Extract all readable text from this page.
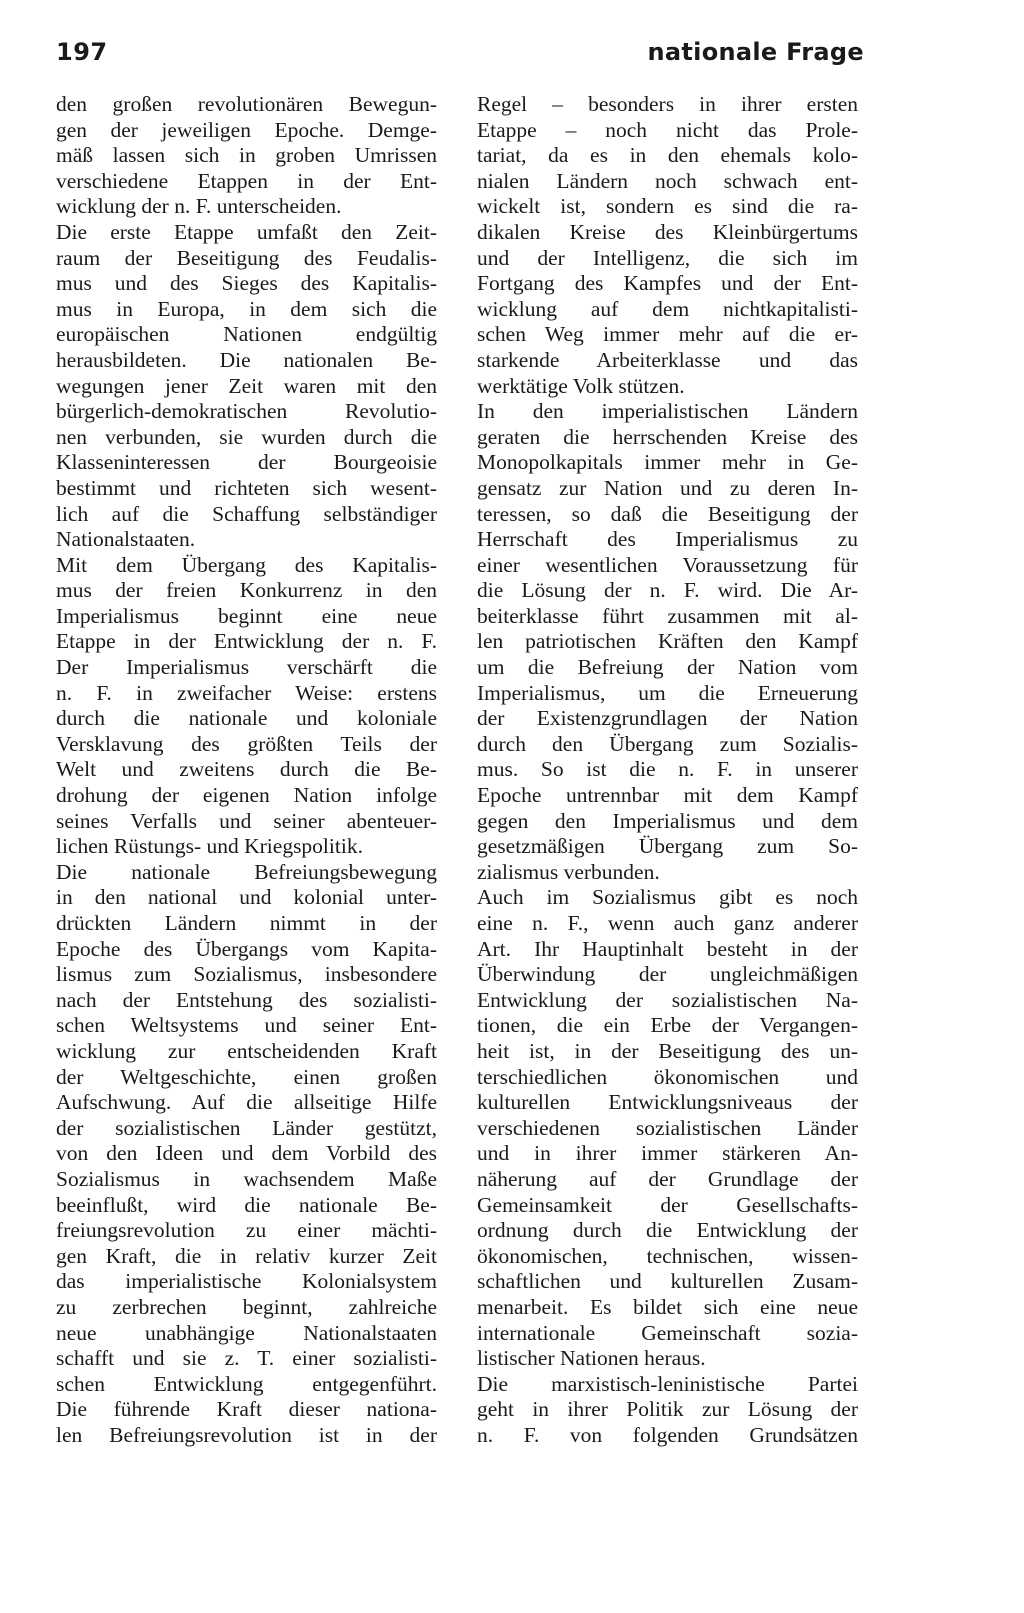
197	nationale Frage
den großen revolutionären Bewegun-
gen der jeweiligen Epoche. Demge-
mäß lassen sich in groben Umrissen
verschiedene Etappen in der Ent-
wicklung der n. F. unterscheiden.
Die erste Etappe umfaßt den Zeit-
raum der Beseitigung des Feudalis-
mus und des Sieges des Kapitalis-
mus in Europa, in dem sich die
europäischen Nationen endgültig
herausbildeten. Die nationalen Be-
wegungen jener Zeit waren mit den
bürgerlich-demokratischen Revolutio-
nen verbunden, sie wurden durch die
Klasseninteressen der Bourgeoisie
bestimmt und richteten sich wesent-
lich auf die Schaffung selbständiger
Nationalstaaten.
Mit dem Übergang des Kapitalis-
mus der freien Konkurrenz in den
Imperialismus beginnt eine neue
Etappe in der Entwicklung der n. F.
Der Imperialismus verschärft die
n. F. in zweifacher Weise: erstens
durch die nationale und koloniale
Versklavung des größten Teils der
Welt und zweitens durch die Be-
drohung der eigenen Nation infolge
seines Verfalls und seiner abenteuer-
lichen Rüstungs- und Kriegspolitik.
Die nationale Befreiungsbewegung
in den national und kolonial unter-
drückten Ländern nimmt in der
Epoche des Übergangs vom Kapita-
lismus zum Sozialismus, insbesondere
nach der Entstehung des sozialisti-
schen Weltsystems und seiner Ent-
wicklung zur entscheidenden Kraft
der Weltgeschichte, einen großen
Aufschwung. Auf die allseitige Hilfe
der sozialistischen Länder gestützt,
von den Ideen und dem Vorbild des
Sozialismus in wachsendem Maße
beeinflußt, wird die nationale Be-
freiungsrevolution zu einer mächti-
gen Kraft, die in relativ kurzer Zeit
das imperialistische Kolonialsystem
zu zerbrechen beginnt, zahlreiche
neue unabhängige Nationalstaaten
schafft und sie z. T. einer sozialisti-
schen Entwicklung entgegenführt.
Die führende Kraft dieser nationa-
len Befreiungsrevolution ist in der
Regel – besonders in ihrer ersten
Etappe – noch nicht das Prole-
tariat, da es in den ehemals kolo-
nialen Ländern noch schwach ent-
wickelt ist, sondern es sind die ra-
dikalen Kreise des Kleinbürgertums
und der Intelligenz, die sich im
Fortgang des Kampfes und der Ent-
wicklung auf dem nichtkapitalisti-
schen Weg immer mehr auf die er-
starkende Arbeiterklasse und das
werktätige Volk stützen.
In den imperialistischen Ländern
geraten die herrschenden Kreise des
Monopolkapitals immer mehr in Ge-
gensatz zur Nation und zu deren In-
teressen, so daß die Beseitigung der
Herrschaft des Imperialismus zu
einer wesentlichen Voraussetzung für
die Lösung der n. F. wird. Die Ar-
beiterklasse führt zusammen mit al-
len patriotischen Kräften den Kampf
um die Befreiung der Nation vom
Imperialismus, um die Erneuerung
der Existenzgrundlagen der Nation
durch den Übergang zum Sozialis-
mus. So ist die n. F. in unserer
Epoche untrennbar mit dem Kampf
gegen den Imperialismus und dem
gesetzmäßigen Übergang zum So-
zialismus verbunden.
Auch im Sozialismus gibt es noch
eine n. F., wenn auch ganz anderer
Art. Ihr Hauptinhalt besteht in der
Überwindung der ungleichmäßigen
Entwicklung der sozialistischen Na-
tionen, die ein Erbe der Vergangen-
heit ist, in der Beseitigung des un-
terschiedlichen ökonomischen und
kulturellen Entwicklungsniveaus der
verschiedenen sozialistischen Länder
und in ihrer immer stärkeren An-
näherung auf der Grundlage der
Gemeinsamkeit der Gesellschafts-
ordnung durch die Entwicklung der
ökonomischen, technischen, wissen-
schaftlichen und kulturellen Zusam-
menarbeit. Es bildet sich eine neue
internationale Gemeinschaft sozia-
listischer Nationen heraus.
Die marxistisch-leninistische Partei
geht in ihrer Politik zur Lösung der
n. F. von folgenden Grundsätzen
